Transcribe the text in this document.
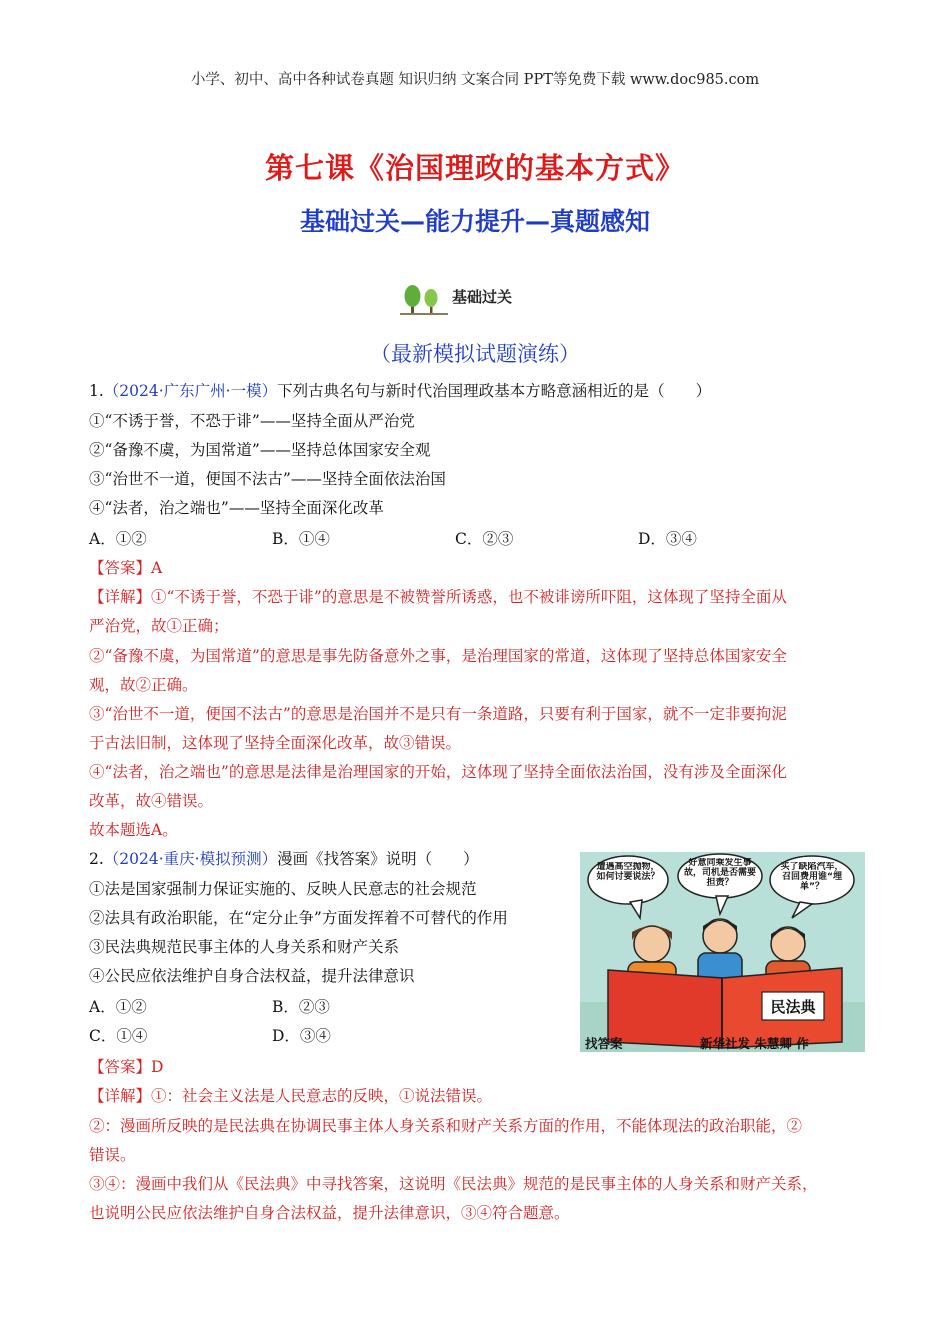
小学、初中、高中各种试卷真题 知识归纳 文案合同 PPT等免费下载 www.doc985.com
第七课《治国理政的基本方式》
基础过关—能力提升—真题感知
基础过关
（最新模拟试题演练）
1.（2024·广东广州·一模）下列古典名句与新时代治国理政基本方略意涵相近的是（　　）
①“不诱于誉，不恐于诽”——坚持全面从严治党
②“备豫不虞，为国常道”——坚持总体国家安全观
③“治世不一道，便国不法古”——坚持全面依法治国
④“法者，治之端也”——坚持全面深化改革
A．①②	B．①④	C．②③	D．③④
【答案】A
【详解】①“不诱于誉，不恐于诽”的意思是不被赞誉所诱惑，也不被诽谤所吓阻，这体现了坚持全面从
严治党，故①正确；
②“备豫不虞，为国常道”的意思是事先防备意外之事，是治理国家的常道，这体现了坚持总体国家安全
观，故②正确。
③“治世不一道，便国不法古”的意思是治国并不是只有一条道路，只要有利于国家，就不一定非要拘泥
于古法旧制，这体现了坚持全面深化改革，故③错误。
④“法者，治之端也”的意思是法律是治理国家的开始，这体现了坚持全面依法治国，没有涉及全面深化
改革，故④错误。
故本题选A。
2.（2024·重庆·模拟预测）漫画《找答案》说明（　　）
①法是国家强制力保证实施的、反映人民意志的社会规范
②法具有政治职能，在“定分止争”方面发挥着不可替代的作用
③民法典规范民事主体的人身关系和财产关系
④公民应依法维护自身合法权益，提升法律意识
A．①②	B．②③
C．①④	D．③④
遭遇高空抛物，如何讨要说法？
好意同乘发生事故，司机是否需要担责？
买了缺陷汽车，召回费用谁“埋单”？
民法典
找答案	新华社发 朱慧卿 作
【答案】D
【详解】①：社会主义法是人民意志的反映，①说法错误。
②：漫画所反映的是民法典在协调民事主体人身关系和财产关系方面的作用，不能体现法的政治职能，②
错误。
③④：漫画中我们从《民法典》中寻找答案，这说明《民法典》规范的是民事主体的人身关系和财产关系，
也说明公民应依法维护自身合法权益，提升法律意识，③④符合题意。
